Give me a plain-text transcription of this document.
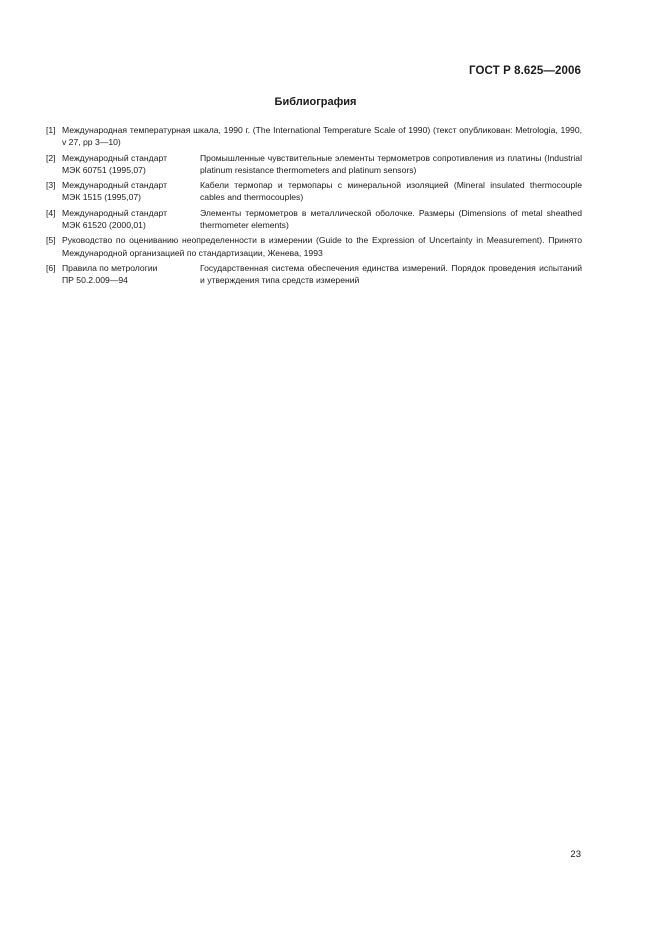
ГОСТ Р 8.625—2006
Библиография
[1] Международная температурная шкала, 1990 г. (The International Temperature Scale of 1990) (текст опубликован: Metrologia, 1990, v 27, pp 3—10)
[2] Международный стандарт
МЭК 60751 (1995,07)
Промышленные чувствительные элементы термометров сопротивления из платины (Industrial platinum resistance thermometers and platinum sensors)
[3] Международный стандарт
МЭК 1515 (1995,07)
Кабели термопар и термопары с минеральной изоляцией (Mineral insulated thermocouple cables and thermocouples)
[4] Международный стандарт
МЭК 61520 (2000,01)
Элементы термометров в металлической оболочке. Размеры (Dimensions of metal sheathed thermometer elements)
[5] Руководство по оцениванию неопределенности в измерении (Guide to the Expression of Uncertainty in Measurement). Принято Международной организацией по стандартизации, Женева, 1993
[6] Правила по метрологии
ПР 50.2.009—94
Государственная система обеспечения единства измерений. Порядок проведения испытаний и утверждения типа средств измерений
23
